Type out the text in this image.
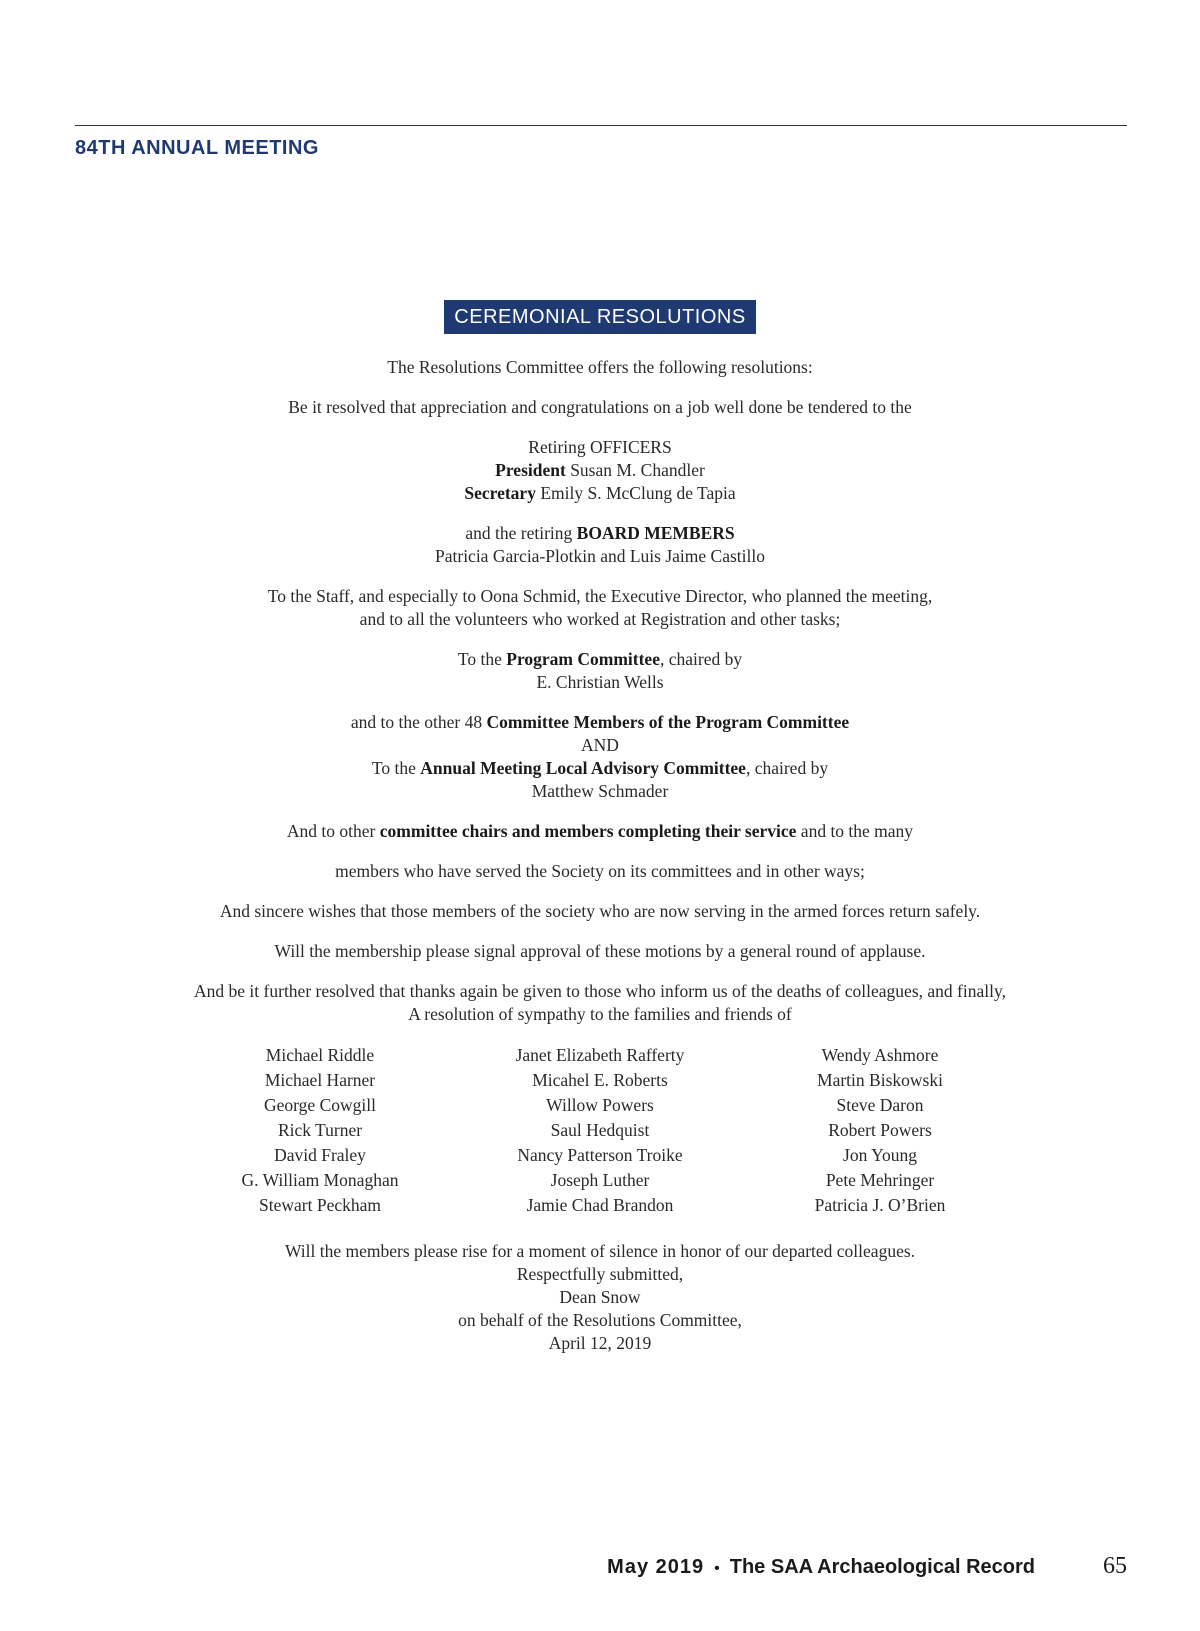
84TH ANNUAL MEETING
CEREMONIAL RESOLUTIONS
The Resolutions Committee offers the following resolutions:
Be it resolved that appreciation and congratulations on a job well done be tendered to the
Retiring OFFICERS
President Susan M. Chandler
Secretary Emily S. McClung de Tapia
and the retiring BOARD MEMBERS
Patricia Garcia-Plotkin and Luis Jaime Castillo
To the Staff, and especially to Oona Schmid, the Executive Director, who planned the meeting,
and to all the volunteers who worked at Registration and other tasks;
To the Program Committee, chaired by
E. Christian Wells
and to the other 48 Committee Members of the Program Committee
AND
To the Annual Meeting Local Advisory Committee, chaired by
Matthew Schmader
And to other committee chairs and members completing their service and to the many
members who have served the Society on its committees and in other ways;
And sincere wishes that those members of the society who are now serving in the armed forces return safely.
Will the membership please signal approval of these motions by a general round of applause.
And be it further resolved that thanks again be given to those who inform us of the deaths of colleagues, and finally,
A resolution of sympathy to the families and friends of
Michael Riddle
Michael Harner
George Cowgill
Rick Turner
David Fraley
G. William Monaghan
Stewart Peckham
Janet Elizabeth Rafferty
Micahel E. Roberts
Willow Powers
Saul Hedquist
Nancy Patterson Troike
Joseph Luther
Jamie Chad Brandon
Wendy Ashmore
Martin Biskowski
Steve Daron
Robert Powers
Jon Young
Pete Mehringer
Patricia J. O’Brien
Will the members please rise for a moment of silence in honor of our departed colleagues.
Respectfully submitted,
Dean Snow
on behalf of the Resolutions Committee,
April 12, 2019
May 2019 • The SAA Archaeological Record	65
